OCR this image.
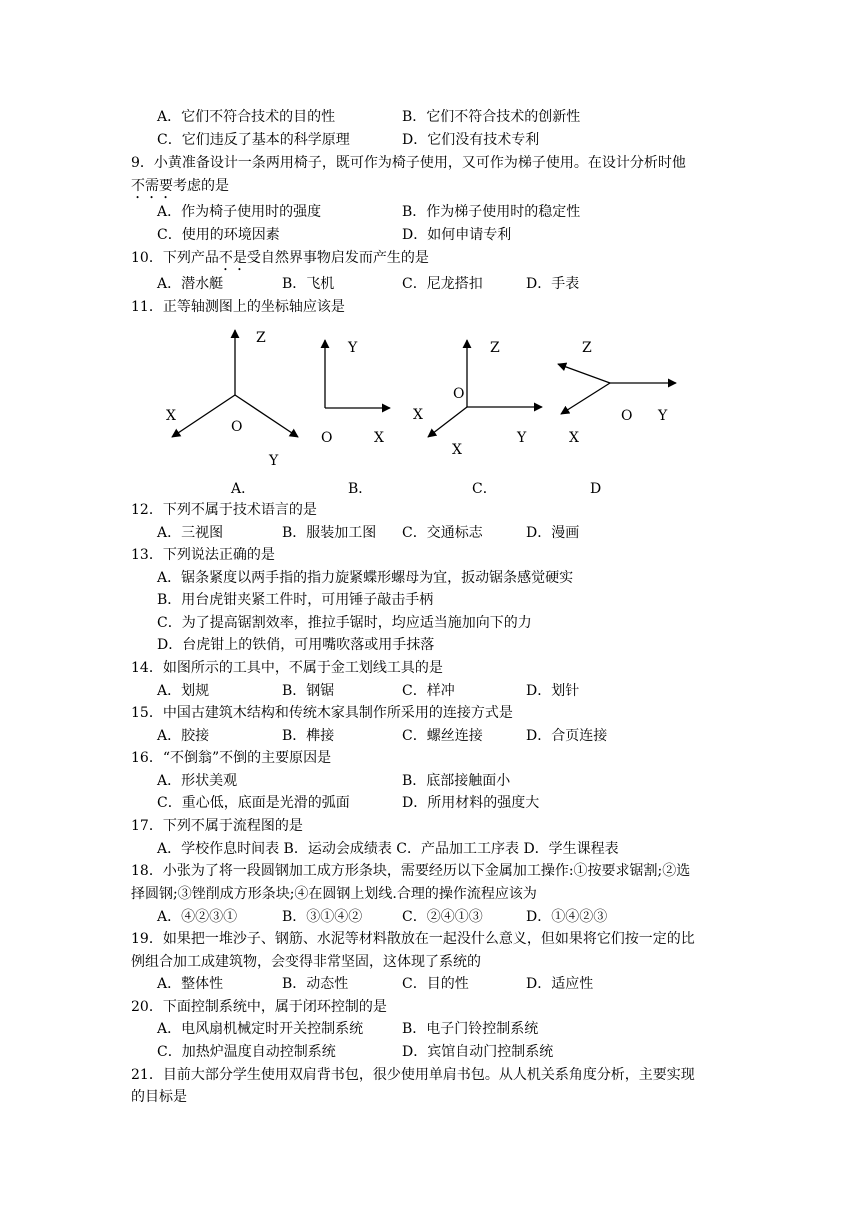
A．它们不符合技术的目的性	B．它们不符合技术的创新性
C．它们违反了基本的科学原理	D．它们没有技术专利
9．小黄准备设计一条两用椅子，既可作为椅子使用，又可作为梯子使用。在设计分析时他
不需要考虑的是
A．作为椅子使用时的强度	B．作为梯子使用时的稳定性
C．使用的环境因素	D．如何申请专利
10．下列产品不是受自然界事物启发而产生的是
A．潜水艇	B．飞机	C．尼龙搭扣	D．手表
11．正等轴测图上的坐标轴应该是
Z
X
O
Y
A．
Y
O	X
B．
Z
O
X
Y
X
C．
Z
O Y
X
D
12．下列不属于技术语言的是
A．三视图	B．服装加工图 C．交通标志	D．漫画
13．下列说法正确的是
A．锯条紧度以两手指的指力旋紧蝶形螺母为宜，扳动锯条感觉硬实
B．用台虎钳夹紧工件时，可用锤子敲击手柄
C．为了提高锯割效率，推拉手锯时，均应适当施加向下的力
D．台虎钳上的铁俏，可用嘴吹落或用手抹落
14．如图所示的工具中，不属于金工划线工具的是
A．划规	B．钢锯	C．样冲	D．划针
15．中国古建筑木结构和传统木家具制作所采用的连接方式是
A．胶接	B．榫接	C．螺丝连接	D．合页连接
16．“不倒翁”不倒的主要原因是
A．形状美观	B．底部接触面小
C．重心低，底面是光滑的弧面	D．所用材料的强度大
17．下列不属于流程图的是
A．学校作息时间表 B．运动会成绩表 C．产品加工工序表 D．学生课程表
18．小张为了将一段圆钢加工成方形条块，需要经历以下金属加工操作:①按要求锯割;②选
择圆钢;③锉削成方形条块;④在圆钢上划线.合理的操作流程应该为
A．④②③①	B．③①④②	C．②④①③	D．①④②③
19．如果把一堆沙子、钢筋、水泥等材料散放在一起没什么意义，但如果将它们按一定的比
例组合加工成建筑物，会变得非常坚固，这体现了系统的
A．整体性	B．动态性	C．目的性	D．适应性
20．下面控制系统中，属于闭环控制的是
A．电风扇机械定时开关控制系统	B．电子门铃控制系统
C．加热炉温度自动控制系统	D．宾馆自动门控制系统
21．目前大部分学生使用双肩背书包，很少使用单肩书包。从人机关系角度分析，主要实现
的目标是
